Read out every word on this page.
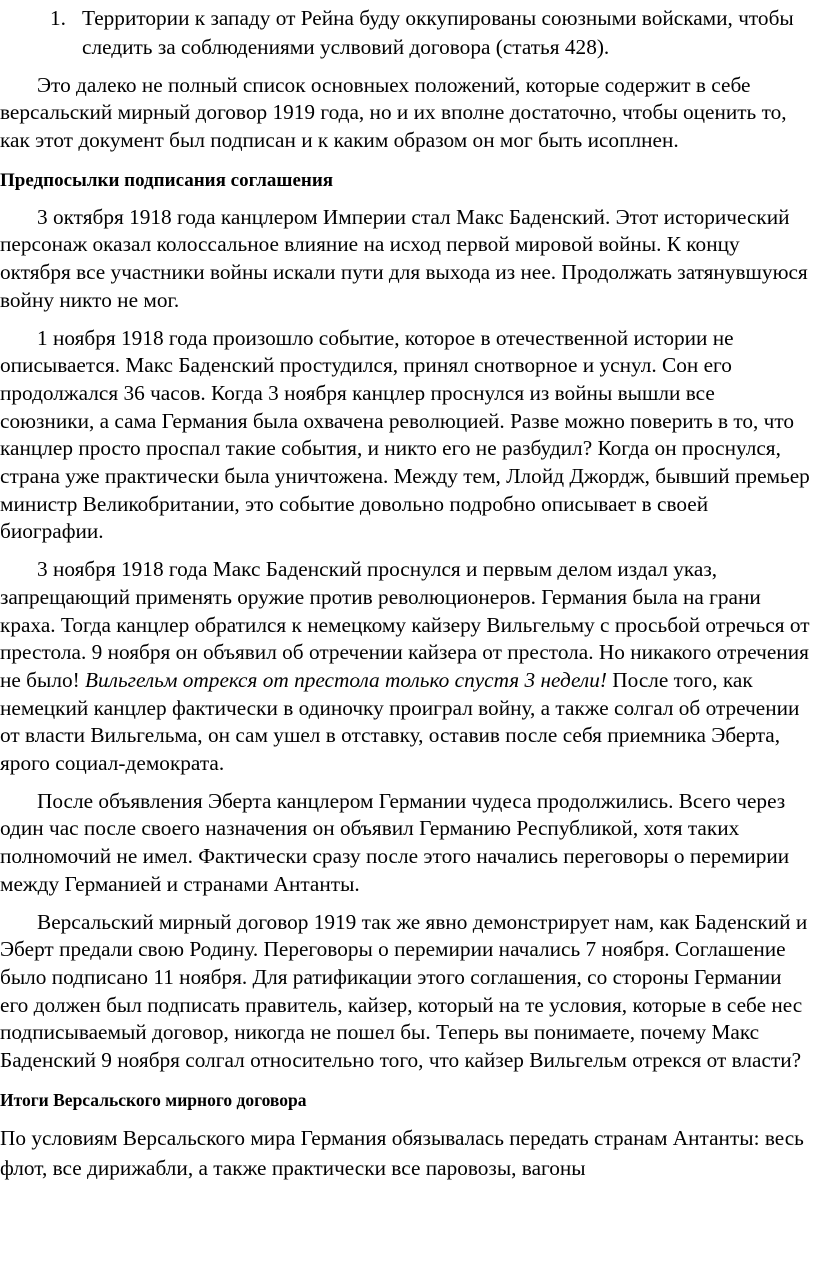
1. Территории к западу от Рейна буду оккупированы союзными войсками, чтобы следить за соблюдениями услвовий договора (статья 428).

Это далеко не полный список основныех положений, которые содержит в себе версальский мирный договор 1919 года, но и их вполне достаточно, чтобы оценить то, как этот документ был подписан и к каким образом он мог быть исоплнен.

Предпосылки подписания соглашения

3 октября 1918 года канцлером Империи стал Макс Баденский. Этот исторический персонаж оказал колоссальное влияние на исход первой мировой войны. К концу октября все участники войны искали пути для выхода из нее. Продолжать затянувшуюся войну никто не мог.

1 ноября 1918 года произошло событие, которое в отечественной истории не описывается. Макс Баденский простудился, принял снотворное и уснул. Сон его продолжался 36 часов. Когда 3 ноября канцлер проснулся из войны вышли все союзники, а сама Германия была охвачена революцией. Разве можно поверить в то, что канцлер просто проспал такие события, и никто его не разбудил? Когда он проснулся, страна уже практически была уничтожена. Между тем, Ллойд Джордж, бывший премьер министр Великобритании, это событие довольно подробно описывает в своей биографии.

3 ноября 1918 года Макс Баденский проснулся и первым делом издал указ, запрещающий применять оружие против революционеров. Германия была на грани краха. Тогда канцлер обратился к немецкому кайзеру Вильгельму с просьбой отречься от престола. 9 ноября он объявил об отречении кайзера от престола. Но никакого отречения не было! Вильгельм отрекся от престола только спустя 3 недели! После того, как немецкий канцлер фактически в одиночку проиграл войну, а также солгал об отречении от власти Вильгельма, он сам ушел в отставку, оставив после себя приемника Эберта, ярого социал-демократа.

После объявления Эберта канцлером Германии чудеса продолжились. Всего через один час после своего назначения он объявил Германию Республикой, хотя таких полномочий не имел. Фактически сразу после этого начались переговоры о перемирии между Германией и странами Антанты.

Версальский мирный договор 1919 так же явно демонстрирует нам, как Баденский и Эберт предали свою Родину. Переговоры о перемирии начались 7 ноября. Соглашение было подписано 11 ноября. Для ратификации этого соглашения, со стороны Германии его должен был подписать правитель, кайзер, который на те условия, которые в себе нес подписываемый договор, никогда не пошел бы. Теперь вы понимаете, почему Макс Баденский 9 ноября солгал относительно того, что кайзер Вильгельм отрекся от власти?

Итоги Версальского мирного договора

По условиям Версальского мира Германия обязывалась передать странам Антанты: весь флот, все дирижабли, а также практически все паровозы, вагоны
